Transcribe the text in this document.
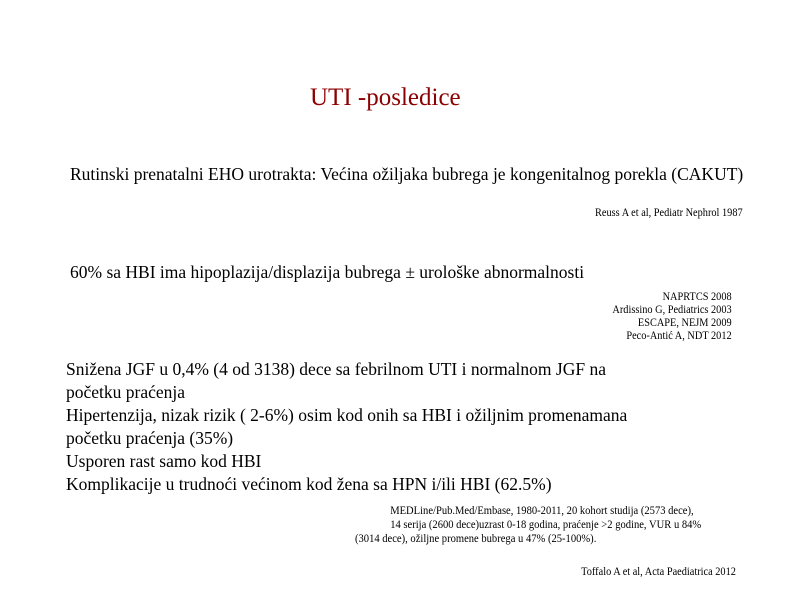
UTI -posledice
Rutinski prenatalni EHO urotrakta: Većina ožiljaka bubrega je kongenitalnog porekla (CAKUT)
Reuss A et al, Pediatr Nephrol 1987
60% sa HBI ima hipoplazija/displazija bubrega ± urološke abnormalnosti
NAPRTCS 2008
Ardissino G, Pediatrics 2003
ESCAPE, NEJM 2009
Peco-Antić A, NDT 2012
Snižena JGF u 0,4% (4 od 3138) dece sa febrilnom UTI i normalnom JGF na
početku praćenja
Hipertenzija, nizak rizik ( 2-6%) osim kod onih sa HBI i ožiljnim promenamana
početku praćenja (35%)
Usporen rast samo kod HBI
Komplikacije u trudnoći većinom kod žena sa HPN i/ili HBI (62.5%)
MEDLine/Pub.Med/Embase, 1980-2011, 20 kohort studija (2573 dece),
14 serija (2600 dece)uzrast 0-18 godina, praćenje >2 godine, VUR u 84%
(3014 dece), ožiljne promene bubrega u 47% (25-100%).
Toffalo A et al, Acta Paediatrica 2012
